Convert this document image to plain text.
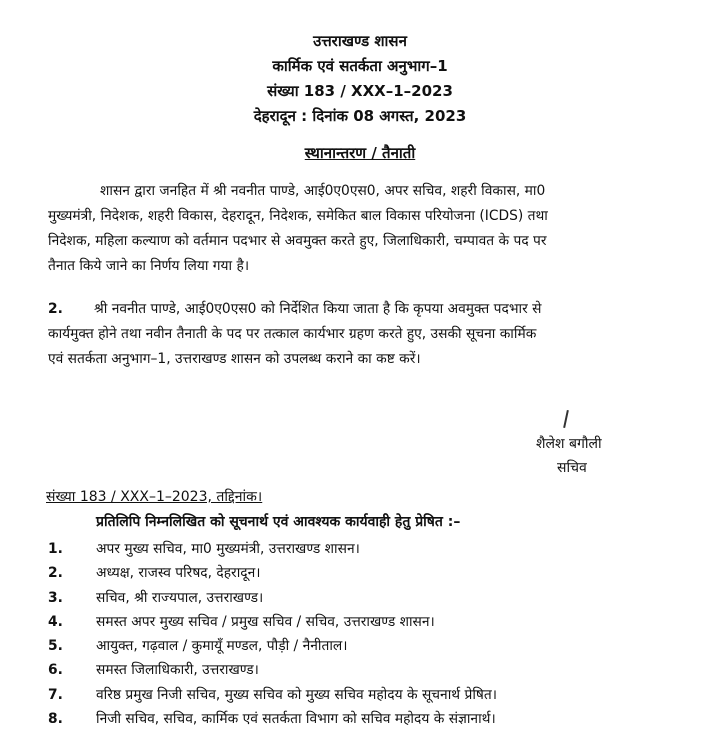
उत्तराखण्ड शासन
कार्मिक एवं सतर्कता अनुभाग–1
संख्या 183 / XXX–1–2023
देहरादून : दिनांक 08 अगस्त, 2023
स्थानान्तरण / तैनाती
शासन द्वारा जनहित में श्री नवनीत पाण्डे, आई0ए0एस0, अपर सचिव, शहरी विकास, मा0
मुख्यमंत्री, निदेशक, शहरी विकास, देहरादून, निदेशक, समेकित बाल विकास परियोजना (ICDS) तथा
निदेशक, महिला कल्याण को वर्तमान पदभार से अवमुक्त करते हुए, जिलाधिकारी, चम्पावत के पद पर
तैनात किये जाने का निर्णय लिया गया है।
2. श्री नवनीत पाण्डे, आई0ए0एस0 को निर्देशित किया जाता है कि कृपया अवमुक्त पदभार से
कार्यमुक्त होने तथा नवीन तैनाती के पद पर तत्काल कार्यभार ग्रहण करते हुए, उसकी सूचना कार्मिक
एवं सतर्कता अनुभाग–1, उत्तराखण्ड शासन को उपलब्ध कराने का कष्ट करें।
शैलेश बगौली
सचिव
संख्या 183 / XXX–1–2023, तद्दिनांक।
प्रतिलिपि निम्नलिखित को सूचनार्थ एवं आवश्यक कार्यवाही हेतु प्रेषित :–
1. अपर मुख्य सचिव, मा0 मुख्यमंत्री, उत्तराखण्ड शासन।
2. अध्यक्ष, राजस्व परिषद, देहरादून।
3. सचिव, श्री राज्यपाल, उत्तराखण्ड।
4. समस्त अपर मुख्य सचिव / प्रमुख सचिव / सचिव, उत्तराखण्ड शासन।
5. आयुक्त, गढ़वाल / कुमायूँ मण्डल, पौड़ी / नैनीताल।
6. समस्त जिलाधिकारी, उत्तराखण्ड।
7. वरिष्ठ प्रमुख निजी सचिव, मुख्य सचिव को मुख्य सचिव महोदय के सूचनार्थ प्रेषित।
8. निजी सचिव, सचिव, कार्मिक एवं सतर्कता विभाग को सचिव महोदय के संज्ञानार्थ।
